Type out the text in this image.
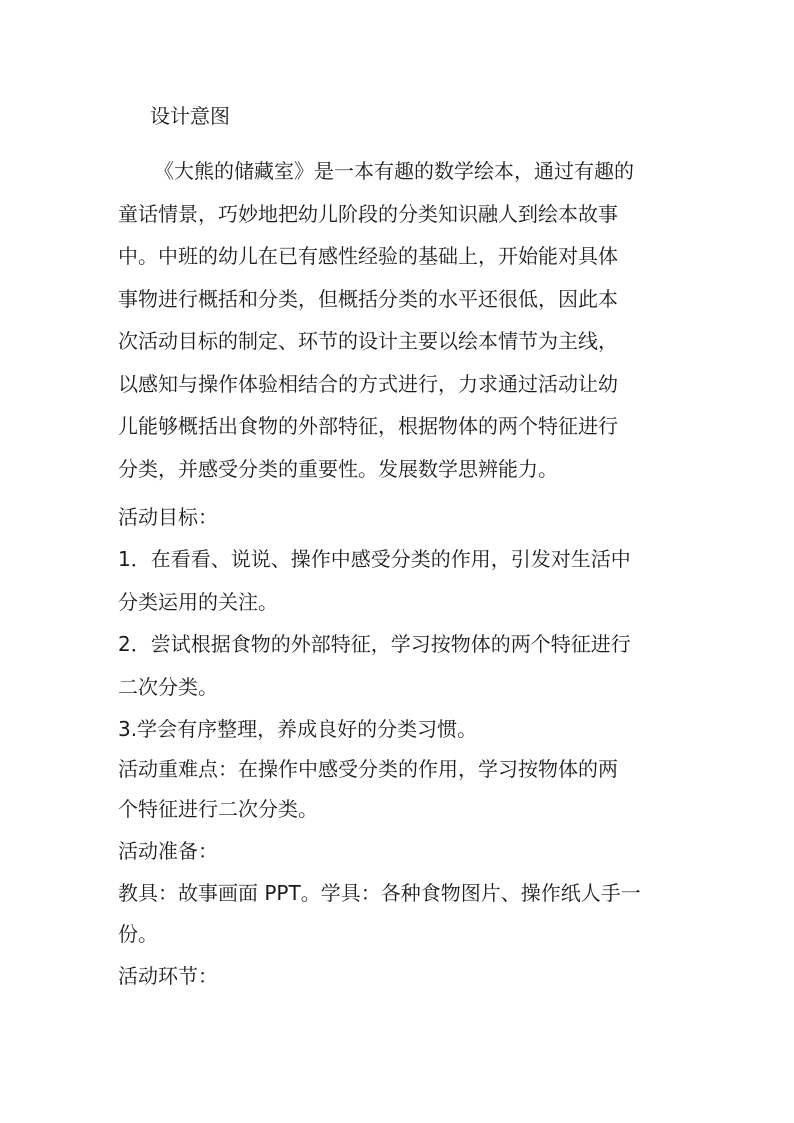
设计意图
《大熊的储藏室》是一本有趣的数学绘本，通过有趣的
童话情景，巧妙地把幼儿阶段的分类知识融人到绘本故事
中。中班的幼儿在已有感性经验的基础上，开始能对具体
事物进行概括和分类，但概括分类的水平还很低，因此本
次活动目标的制定、环节的设计主要以绘本情节为主线，
以感知与操作体验相结合的方式进行，力求通过活动让幼
儿能够概括出食物的外部特征，根据物体的两个特征进行
分类，并感受分类的重要性。发展数学思辨能力。
活动目标：
1．在看看、说说、操作中感受分类的作用，引发对生活中
分类运用的关注。
2．尝试根据食物的外部特征，学习按物体的两个特征进行
二次分类。
3.学会有序整理，养成良好的分类习惯。
活动重难点：在操作中感受分类的作用，学习按物体的两
个特征进行二次分类。
活动准备：
教具：故事画面 PPT。学具：各种食物图片、操作纸人手一
份。
活动环节：
